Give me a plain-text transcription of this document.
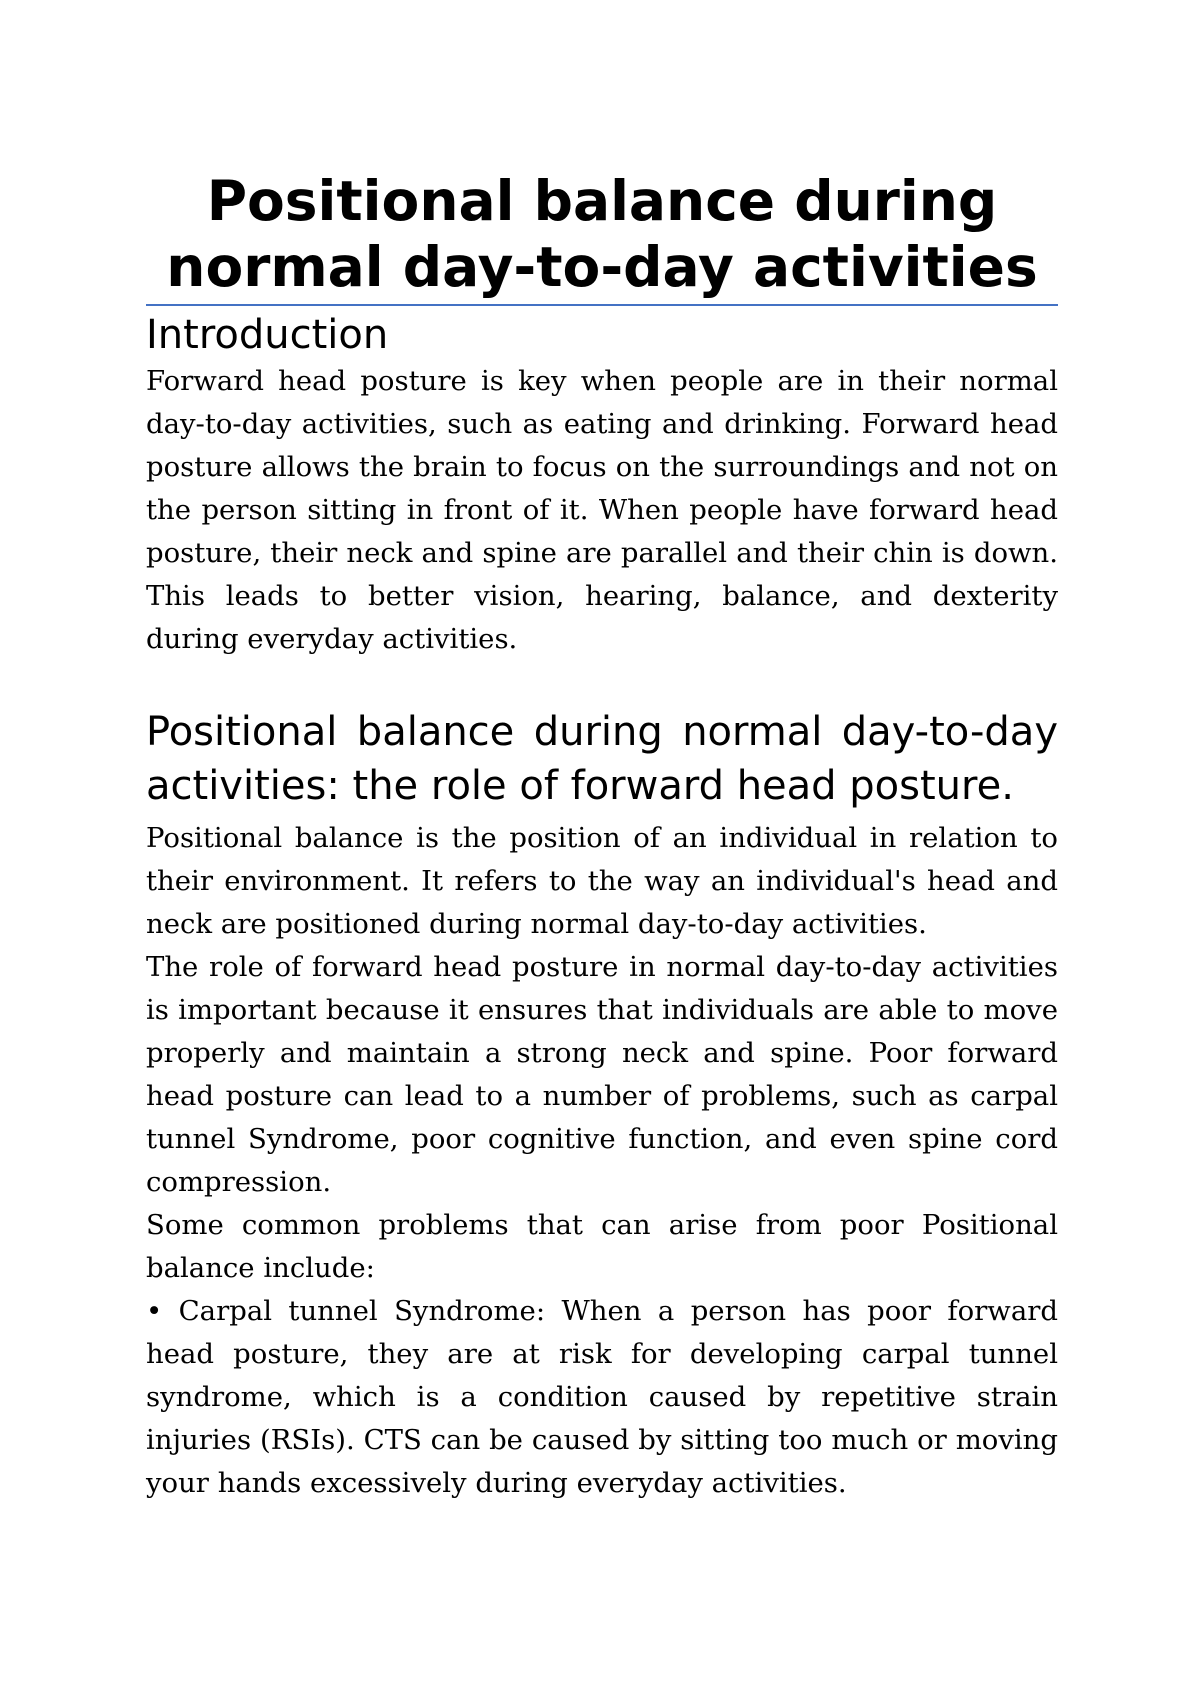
Positional balance during normal day-to-day activities
Introduction

Forward head posture is key when people are in their normal day-to-day activities, such as eating and drinking. Forward head posture allows the brain to focus on the surroundings and not on the person sitting in front of it. When people have forward head posture, their neck and spine are parallel and their chin is down. This leads to better vision, hearing, balance, and dexterity during everyday activities.

Positional balance during normal day-to-day activities: the role of forward head posture.

Positional balance is the position of an individual in relation to their environment. It refers to the way an individual's head and neck are positioned during normal day-to-day activities.

The role of forward head posture in normal day-to-day activities is important because it ensures that individuals are able to move properly and maintain a strong neck and spine. Poor forward head posture can lead to a number of problems, such as carpal tunnel Syndrome, poor cognitive function, and even spine cord compression.

Some common problems that can arise from poor Positional balance include:

• Carpal tunnel Syndrome: When a person has poor forward head posture, they are at risk for developing carpal tunnel syndrome, which is a condition caused by repetitive strain injuries (RSIs). CTS can be caused by sitting too much or moving your hands excessively during everyday activities.
